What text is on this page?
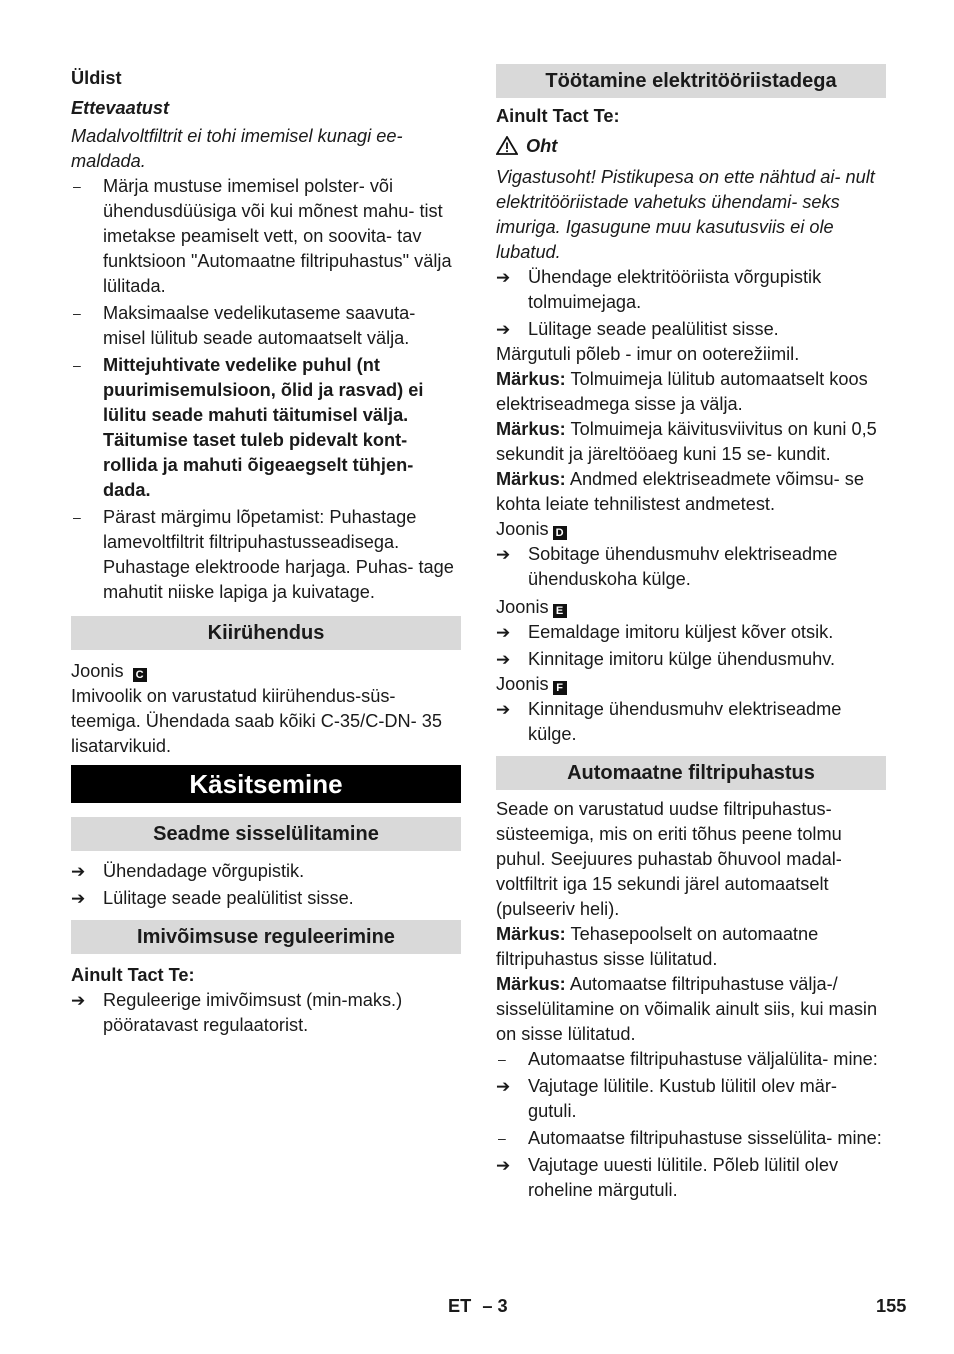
Üldist

Ettevaatust

Madalvoltfiltrit ei tohi imemisel kunagi ee- maldada.

–	Märja mustuse imemisel polster- või ühendusdüüsiga või kui mõnest mahu- tist imetakse peamiselt vett, on soovita- tav funktsioon "Automaatne filtripuhastus" välja lülitada.
–	Maksimaalse vedelikutaseme saavuta- misel lülitub seade automaatselt välja.
–	Mittejuhtivate vedelike puhul (nt puurimisemulsioon, õlid ja rasvad) ei lülitu seade mahuti täitumisel välja. Täitumise taset tuleb pidevalt kont- rollida ja mahuti õigeaegselt tühjen- dada.
–	Pärast märgimu lõpetamist: Puhastage lamevoltfiltrit filtripuhastusseadisega. Puhastage elektroode harjaga. Puhas- tage mahutit niiske lapiga ja kuivatage.
Kiirühendus

Joonis C

Imivoolik on varustatud kiirühendus-süs- teemiga. Ühendada saab kõiki C-35/C-DN- 35 lisatarvikuid.

Käsitsemine
Seadme sisselülitamine
➔ Ühendadage võrgupistik.
➔ Lülitage seade pealülitist sisse.
Imivõimsuse reguleerimine

Ainult Tact Te:

➔ Reguleerige imivõimsust (min-maks.) pööratavast regulaatorist.
Töötamine elektritööriistadega

Ainult Tact Te:

Oht

Vigastusoht! Pistikupesa on ette nähtud ai- nult elektritööriistade vahetuks ühendami- seks imuriga. Igasugune muu kasutusviis ei ole lubatud.

➔ Ühendage elektritööriista võrgupistik tolmuimejaga.
➔ Lülitage seade pealülitist sisse.

Märgutuli põleb - imur on ooterežiimil.

Märkus: Tolmuimeja lülitub automaatselt koos elektriseadmega sisse ja välja.

Märkus: Tolmuimeja käivitusviivitus on kuni 0,5 sekundit ja järeltööaeg kuni 15 se- kundit.

Märkus: Andmed elektriseadmete võimsu- se kohta leiate tehnilistest andmetest.

Joonis D

➔ Sobitage ühendusmuhv elektriseadme ühenduskoha külge.

Joonis E

➔ Eemaldage imitoru küljest kõver otsik.
➔ Kinnitage imitoru külge ühendusmuhv.

Joonis F

➔ Kinnitage ühendusmuhv elektriseadme külge.
Automaatne filtripuhastus

Seade on varustatud uudse filtripuhastus- süsteemiga, mis on eriti tõhus peene tolmu puhul. Seejuures puhastab õhuvool madal- voltfiltrit iga 15 sekundi järel automaatselt (pulseeriv heli).

Märkus: Tehasepoolselt on automaatne filtripuhastus sisse lülitatud.

Märkus: Automaatse filtripuhastuse välja-/ sisselülitamine on võimalik ainult siis, kui masin on sisse lülitatud.

–	Automaatse filtripuhastuse väljalülita- mine:
➔ Vajutage lülitile. Kustub lülitil olev mär- gutuli.
–	Automaatse filtripuhastuse sisselülita- mine:
➔ Vajutage uuesti lülitile. Põleb lülitil olev roheline märgutuli.
ET – 3	155
